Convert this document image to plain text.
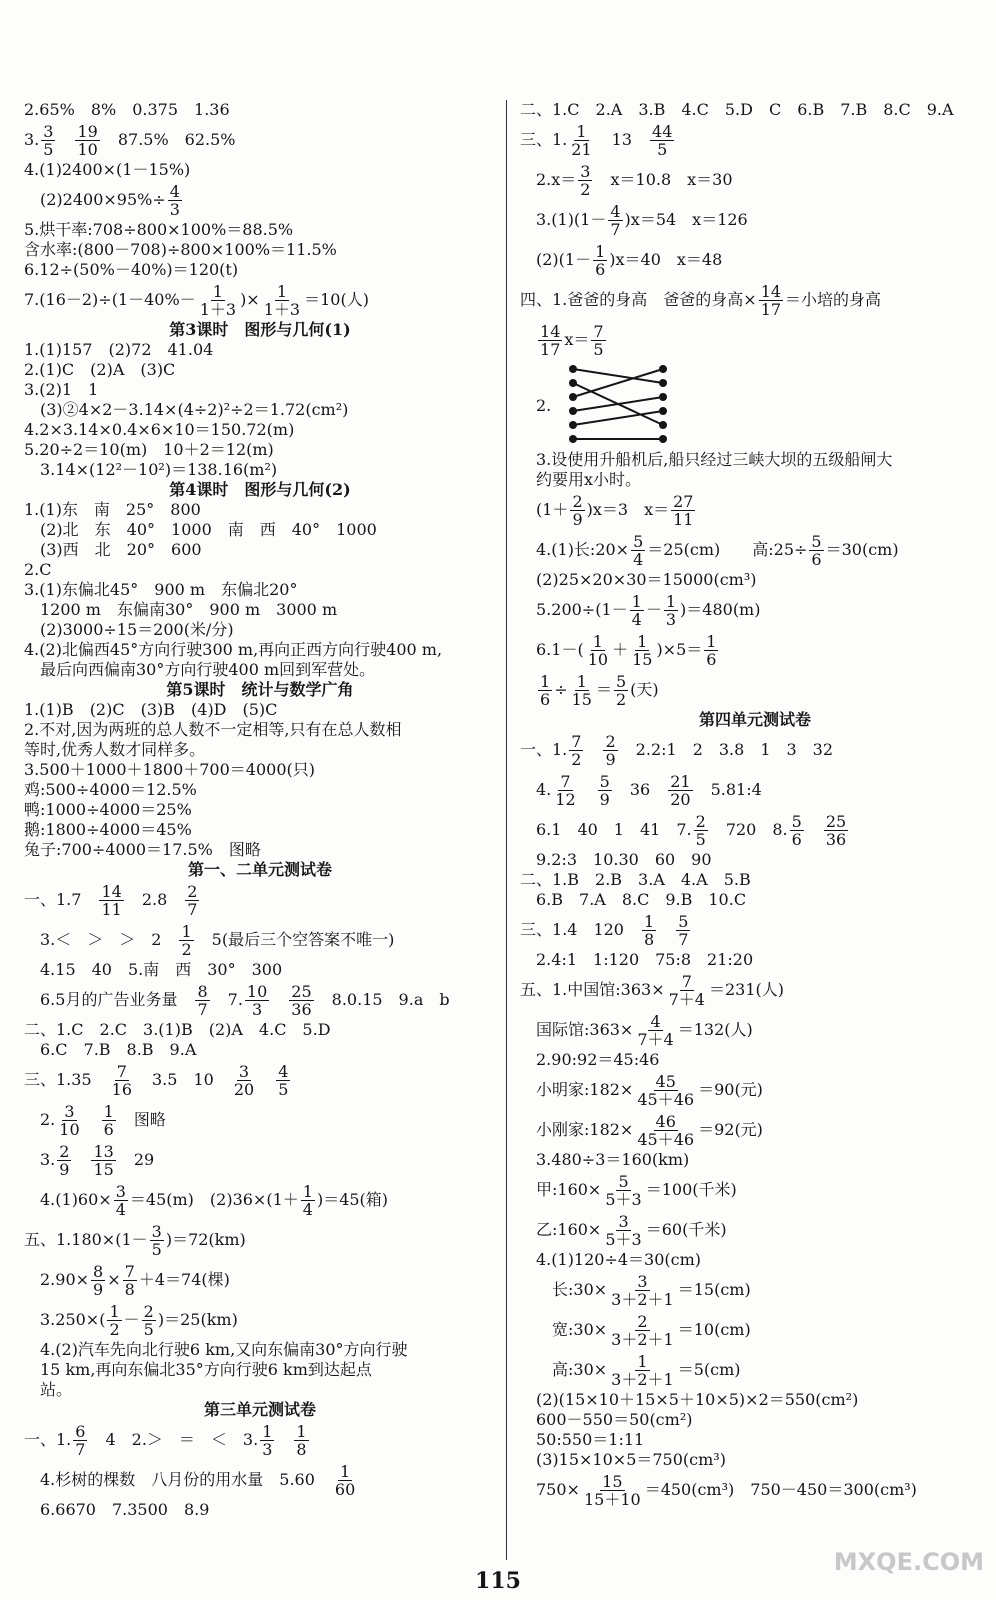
2.65%　8%　0.375　1.36
3. $\frac{3}{5}$
　 $\frac{19}{10}$ 　87.5%　62.5%
4.(1)2400×(1－15%)
　$(2)2400\times 95\%\div \frac{4}{3}$
5.烘干率:708÷800×100%＝88.5%
含水率:(800－708)÷800×100%＝11.5%
6.12÷(50%－40%)＝120(t)
$7.(16-2)\div(1-40\%- \frac{1}{1+3}$ )× $\frac{1}{1+3} =10$(人)
第3课时　图形与几何(1)
1.(1)157　(2)72　41.04
2.(1)C　(2)A　(3)C
3.(2)1　1
　(3)②4×2－3.14×(4÷2)²÷2＝1.72(cm²)
4.2×3.14×0.4×6×10＝150.72(m)
5.20÷2＝10(m)　10＋2＝12(m)
　3.14×(12²－10²)＝138.16(m²)
第4课时　图形与几何(2)
1.(1)东　南　25°　800
　(2)北　东　40°　1000　南　西　40°　1000
　(3)西　北　20°　600
2.C
3.(1)东偏北45°　900 m　东偏北20°
　1200 m　东偏南30°　900 m　3000 m
　(2)3000÷15＝200(米/分)
4.(2)北偏西45°方向行驶300 m,再向正西方向行驶400 m,
　最后向西偏南30°方向行驶400 m回到军营处。
第5课时　统计与数学广角
1.(1)B　(2)C　(3)B　(4)D　(5)C
2.不对,因为两班的总人数不一定相等,只有在总人数相
等时,优秀人数才同样多。
3.500＋1000＋1800＋700＝4000(只)
鸡:500÷4000＝12.5%
鸭:1000÷4000＝25%
鹅:1800÷4000＝45%
兔子:700÷4000＝17.5%　图略
第一、二单元测试卷
一、1.7　 $\frac{14}{11}$ 　2.8　 $\frac{2}{7}$
　3.＜　＞　＞　2　 $\frac{1}{2}$ 　5(最后三个空答案不唯一)
　4.15　40　5.南　西　30°　300
　6.5月的广告业务量　 $\frac{8}{7}$ 　7. $\frac{10}{3}$
　 $\frac{25}{36}$ 　8.0.15　9.a　b
二、1.C　2.C　3.(1)B　(2)A　4.C　5.D
　6.C　7.B　8.B　9.A
三、1.35　 $\frac{7}{16}$ 　3.5　10　 $\frac{3}{20}$
　 $\frac{4}{5}$
　2. $\frac{3}{10}$
　 $\frac{1}{6}$ 　图略
　3. $\frac{2}{9}$
　 $\frac{13}{15}$ 　29
　$4.(1)60\times \frac{3}{4} =45(m)$　$(2)36\times(1+ \frac{1}{4} )=45$(箱)
五、$1.180\times(1- \frac{3}{5} )=72(km)$
　$2.90\times \frac{8}{9} \times \frac{7}{8} +4=74$(棵)
　$3.250\times( \frac{1}{2} - \frac{2}{5} )=25(km)$
　4.(2)汽车先向北行驶6 km,又向东偏南30°方向行驶
　15 km,再向东偏北35°方向行驶6 km到达起点
　站。
第三单元测试卷
一、1. $\frac{6}{7}$ 　4　2.＞　＝　＜　3. $\frac{1}{3}$
　 $\frac{1}{8}$
　4.杉树的棵数　八月份的用水量　5.60　 $\frac{1}{60}$
　6.6670　7.3500　8.9
二、1.C　2.A　3.B　4.C　5.D　C　6.B　7.B　8.C　9.A
三、1. $\frac{1}{21}$ 　13　 $\frac{44}{5}$
　$2.x= \frac{3}{2}$ 　x＝10.8　x＝30
　$3.(1)(1- \frac{4}{7} )x=54$　x＝126
　$(2)(1- \frac{1}{6} )x=40$　x＝48
四、1.爸爸的身高　爸爸的身高× $\frac{14}{17}$ ＝小培的身高

$\frac{14}{17} x= \frac{7}{5}$
2.
　3.设使用升船机后,船只经过三峡大坝的五级船闸大
　约要用x小时。
　$(1+ \frac{2}{9} )x=3$　$x= \frac{27}{11}$
　4.(1)长:20× $\frac{5}{4} =25(cm)$　　高:25÷ $\frac{5}{6} =30(cm)$
　(2)25×20×30＝15000(cm³)
　$5.200\div(1- \frac{1}{4} - \frac{1}{3} )=480(m)$
　$6.1-( \frac{1}{10} + \frac{1}{15} )\times 5= \frac{1}{6}$

$\frac{1}{6} \div \frac{1}{15} = \frac{5}{2}$ (天)
第四单元测试卷
一、1. $\frac{7}{2}$
　 $\frac{2}{9}$ 　2.2:1　2　3.8　1　3　32
　4. $\frac{7}{12}$
　 $\frac{5}{9}$ 　36　 $\frac{21}{20}$ 　5.81:4
　6.1　40　1　41　7. $\frac{2}{5}$ 　720　8. $\frac{5}{6}$
　 $\frac{25}{36}$
　9.2:3　10.30　60　90
二、1.B　2.B　3.A　4.A　5.B
　6.B　7.A　8.C　9.B　10.C
三、1.4　120　 $\frac{1}{8}$
　 $\frac{5}{7}$
　2.4:1　1:120　75:8　21:20
五、1.中国馆:363× $\frac{7}{7+4} =231$(人)
　国际馆:363× $\frac{4}{7+4} =132$(人)
　2.90:92＝45:46
　小明家:182× $\frac{45}{45+46} =90$(元)
　小刚家:182× $\frac{46}{45+46} =92$(元)
　3.480÷3＝160(km)
　甲:160× $\frac{5}{5+3} =100$(千米)
　乙:160× $\frac{3}{5+3} =60$(千米)
　4.(1)120÷4＝30(cm)
　　长:30× $\frac{3}{3+2+1} =15(cm)$
　　宽:30× $\frac{2}{3+2+1} =10(cm)$
　　高:30× $\frac{1}{3+2+1} =5(cm)$
　(2)(15×10＋15×5＋10×5)×2＝550(cm²)
　600－550＝50(cm²)
　50:550＝1:11
　(3)15×10×5＝750(cm³)
　$750\times \frac{15}{15+10} =450(cm^3)$　750－450＝300(cm³)
115
MXQE.COM
